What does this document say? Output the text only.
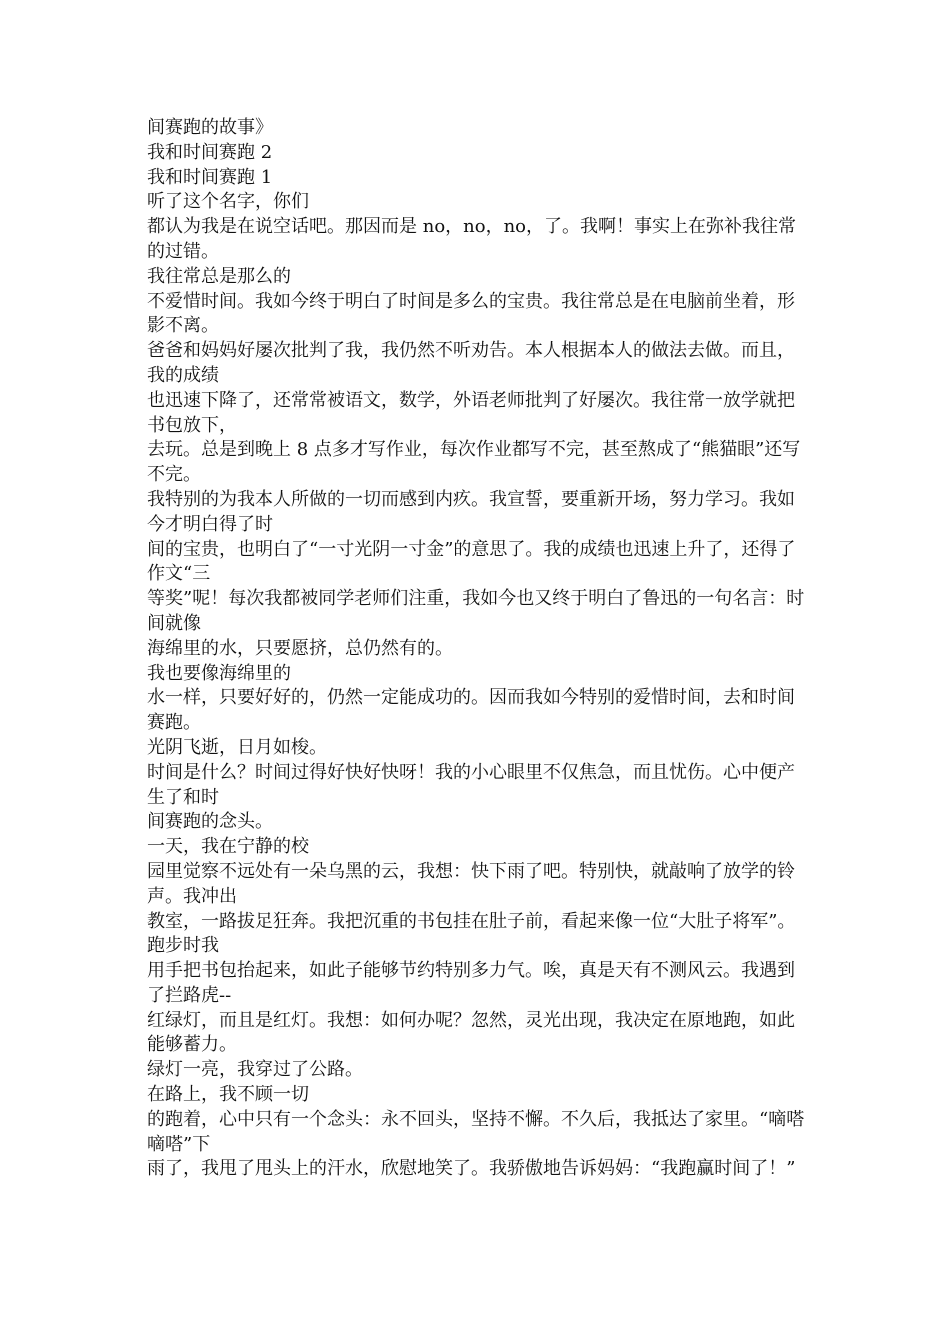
间赛跑的故事》
我和时间赛跑 2
我和时间赛跑 1
听了这个名字，你们
都认为我是在说空话吧。那因而是 no，no，no，了。我啊！事实上在弥补我往常的过错。
我往常总是那么的
不爱惜时间。我如今终于明白了时间是多么的宝贵。我往常总是在电脑前坐着，形影不离。
爸爸和妈妈好屡次批判了我，我仍然不听劝告。本人根据本人的做法去做。而且，我的成绩
也迅速下降了，还常常被语文，数学，外语老师批判了好屡次。我往常一放学就把书包放下，
去玩。总是到晚上 8 点多才写作业，每次作业都写不完，甚至熬成了“熊猫眼”还写不完。
我特别的为我本人所做的一切而感到内疚。我宣誓，要重新开场，努力学习。我如今才明白得了时
间的宝贵，也明白了“一寸光阴一寸金”的意思了。我的成绩也迅速上升了，还得了作文“三
等奖”呢！每次我都被同学老师们注重，我如今也又终于明白了鲁迅的一句名言：时间就像
海绵里的水，只要愿挤，总仍然有的。
我也要像海绵里的
水一样，只要好好的，仍然一定能成功的。因而我如今特别的爱惜时间，去和时间 赛跑。
光阴飞逝，日月如梭。
时间是什么？时间过得好快好快呀！我的小心眼里不仅焦急，而且忧伤。心中便产生了和时
间赛跑的念头。
一天，我在宁静的校
园里觉察不远处有一朵乌黑的云，我想：快下雨了吧。特别快，就敲响了放学的铃声。我冲出
教室，一路拔足狂奔。我把沉重的书包挂在肚子前，看起来像一位“大肚子将军”。跑步时我
用手把书包抬起来，如此子能够节约特别多力气。唉，真是天有不测风云。我遇到了拦路虎--
红绿灯，而且是红灯。我想：如何办呢？忽然，灵光出现，我决定在原地跑，如此能够蓄力。
绿灯一亮，我穿过了公路。
在路上，我不顾一切
的跑着，心中只有一个念头：永不回头，坚持不懈。不久后，我抵达了家里。“嘀嗒嘀嗒”下
雨了，我甩了甩头上的汗水，欣慰地笑了。我骄傲地告诉妈妈：“我跑赢时间了！”
